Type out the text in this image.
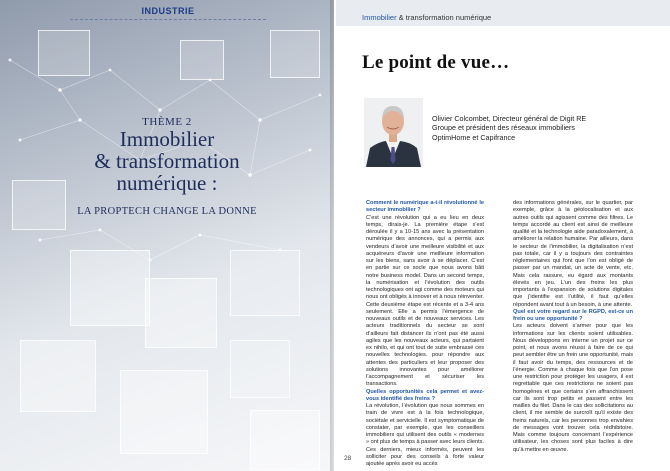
INDUSTRIE
THÈME 2
Immobilier
& transformation
numérique :
LA PROPTECH CHANGE LA DONNE
Immobilier & transformation numérique
Le point de vue…
Olivier Colcombet, Directeur général de Digit RE Groupe et président des réseaux immobiliers OptimHome et Capifrance
Comment le numérique a-t-il révolutionné le secteur immobilier ?
C’est une révolution qui a eu lieu en deux temps, dirais-je. La première étape s’est déroulée il y a 10-15 ans avec la présentation numérique des annonces, qui a permis aux vendeurs d’avoir une meilleure visibilité et aux acquéreurs d’avoir une meilleure information sur les biens, sans avoir à se déplacer. C’est en partie sur ce socle que nous avons bâti notre business model. Dans un second temps, la numérisation et l’évolution des outils technologiques ont agi comme des moteurs qui nous ont obligés à innover et à nous réinventer. Cette deuxième étape est récente et a 3-4 ans seulement. Elle a permis l’émergence de nouveaux outils et de nouveaux services. Les acteurs traditionnels du secteur se sont d’ailleurs fait distancer ils n’ont pas été aussi agiles que les nouveaux acteurs, qui partaient ex nihilo, et qui ont tout de suite embrassé ces nouvelles technologies. pour répondre aux attentes des particuliers et leur proposer des solutions innovantes pour améliorer l’accompagnement et sécuriser les transactions.
Quelles opportunités cela permet et avez-vous identifié des freins ?
La révolution, l’évolution que nous sommes en train de vivre est à la fois technologique, sociétale et servicielle. Il est symptomatique de constater, par exemple, que les conseillers immobiliers qui utilisent des outils « modernes » ont plus de temps à passer avec leurs clients. Ces derniers, mieux informés, peuvent les solliciter pour des conseils à forte valeur ajoutée après avoir eu accès
des informations générales, sur le quartier, par exemple, grâce à la géolocalisation et aux autres outils qui agissent comme des filtres. Le temps accordé au client est ainsi de meilleure qualité et la technologie aide paradoxalement, à améliorer la relation humaine. Par ailleurs, dans le secteur de l’immobilier, la digitalisation n’est pas totale, car il y a toujours des contraintes réglementaires qui font que l’on est obligé de passer par un mandat, un acte de vente, etc. Mais cela rassure, eu égard aux montants élevés en jeu. L’un des freins les plus importants à l’expansion de solutions digitales que j’identifie est l’utilité, il faut qu’elles répondent avant tout à un besoin, à une attente.
Quel est votre regard sur le RGPD, est-ce un frein ou une opportunité ?
Les acteurs doivent s’armer pour que les informations sur les clients soient utilisables. Nous développons en interne un projet sur ce point, et nous avons réussi à faire de ce qui peut sembler être un frein une opportunité, mais il faut avoir du temps, des ressources et de l’énergie. Comme à chaque fois que l’on pose une restriction pour protéger les usagers, il est regrettable que ces restrictions ne soient pas homogènes et que certains s’en affranchissent car ils sont trop petits et passent entre les mailles du filet. Dans le cas des sollicitations au client, il me semble de surcroît qu’il existe des freins naturels, car les personnes trop envahies de messages vont trouver cela rédhibitoire. Mais comme toujours concernant l’expérience utilisateur, les choses sont plus faciles à dire qu’à mettre en œuvre.
28
